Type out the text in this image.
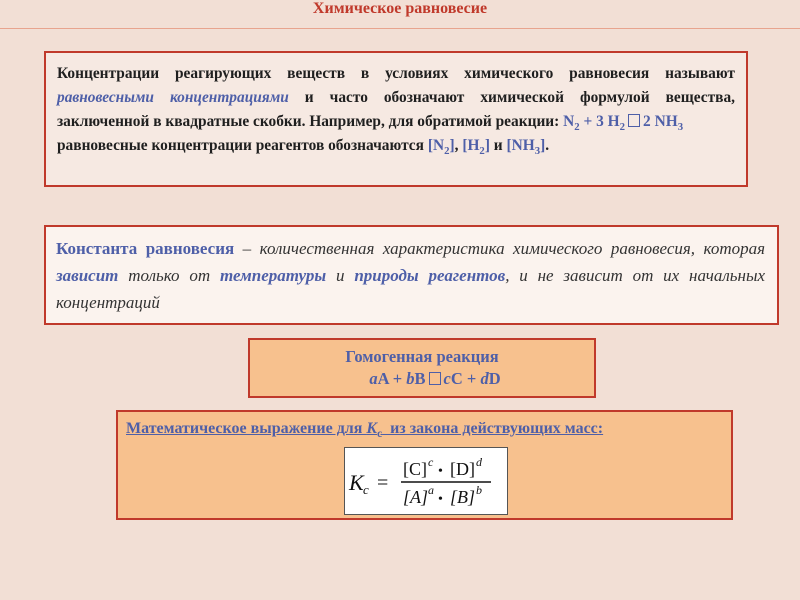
Химическое равновесие
Концентрации реагирующих веществ в условиях химического равновесия называют равновесными концентрациями и часто обозначают химической формулой вещества, заключенной в квадратные скобки. Например, для обратимой реакции: $N_2 + 3$ $H_2$ 2 $NH_3$
равновесные концентрации реагентов обозначаются $[N_2]$, $[H_2]$ и $[NH_3]$.
Константа равновесия – количественная характеристика химического равновесия, которая зависит только от температуры и природы реагентов, и не зависит от их начальных концентраций
Гомогенная реакция
aA + bB cC + dD
Математическое выражение для $K_c$  из закона действующих масс:
K c =
[C] c
• [D] d
[A] a
• [B] b
